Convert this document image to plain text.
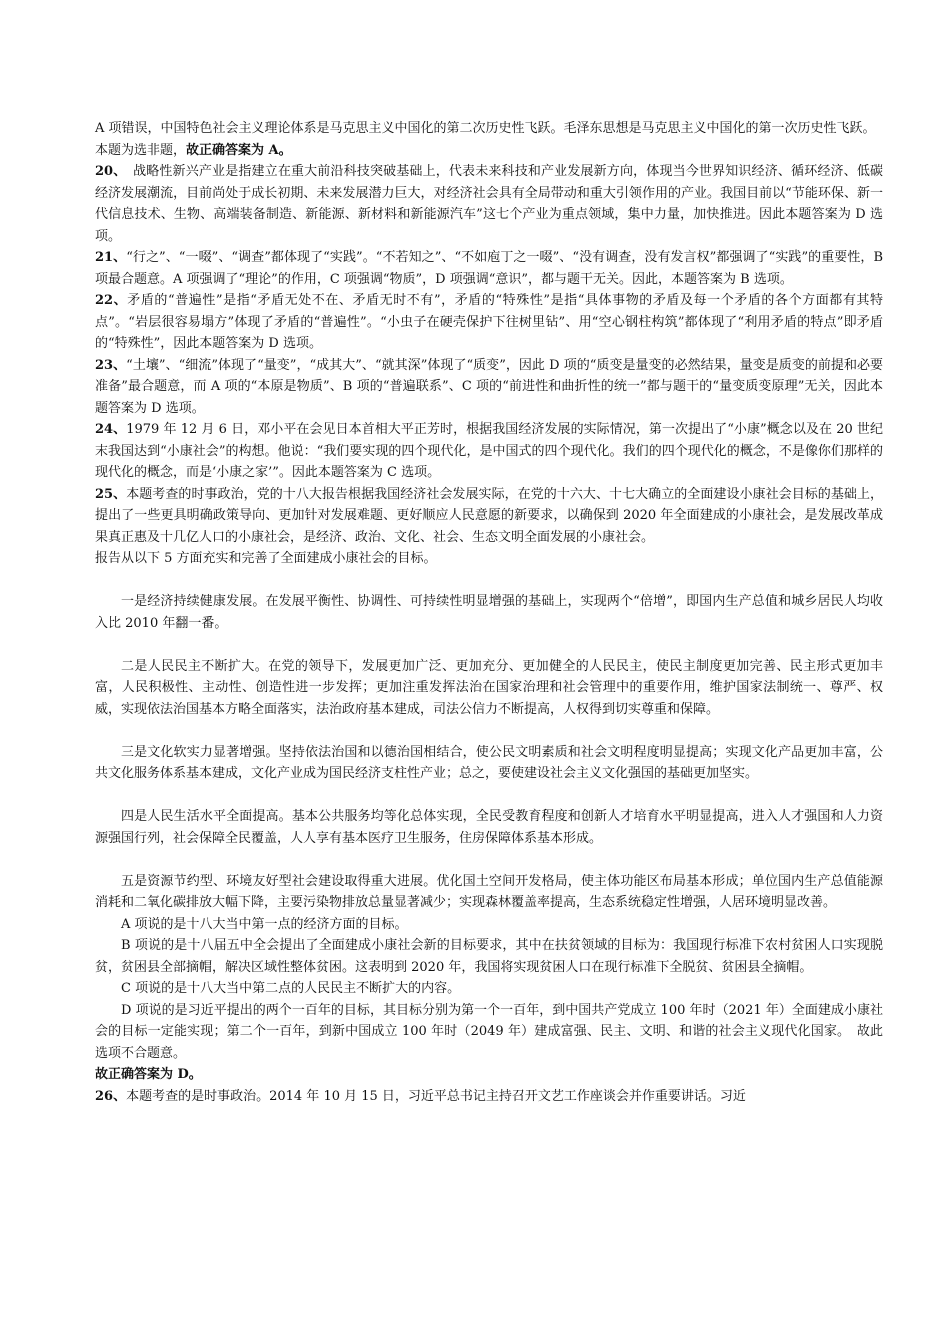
A 项错误，中国特色社会主义理论体系是马克思主义中国化的第二次历史性飞跃。毛泽东思想是马克思主义中国化的第一次历史性飞跃。

本题为选非题，故正确答案为 A。

20、　战略性新兴产业是指建立在重大前沿科技突破基础上，代表未来科技和产业发展新方向，体现当今世界知识经济、循环经济、低碳经济发展潮流，目前尚处于成长初期、未来发展潜力巨大，对经济社会具有全局带动和重大引领作用的产业。我国目前以“节能环保、新一代信息技术、生物、高端装备制造、新能源、新材料和新能源汽车”这七个产业为重点领域，集中力量，加快推进。因此本题答案为 D 选项。

21、“行之”、“一啜”、“调查”都体现了“实践”。“不若知之”、“不如庖丁之一啜”、“没有调查，没有发言权”都强调了“实践”的重要性，B 项最合题意。A 项强调了“理论”的作用，C 项强调“物质”，D 项强调“意识”，都与题干无关。因此，本题答案为 B 选项。

22、矛盾的“普遍性”是指“矛盾无处不在、矛盾无时不有”，矛盾的“特殊性”是指“具体事物的矛盾及每一个矛盾的各个方面都有其特点”。“岩层很容易塌方”体现了矛盾的“普遍性”。“小虫子在硬壳保护下往树里钻”、用“空心钢柱构筑”都体现了“利用矛盾的特点”即矛盾的“特殊性”，因此本题答案为 D 选项。

23、“土壤”、“细流”体现了“量变”，“成其大”、“就其深”体现了“质变”，因此 D 项的“质变是量变的必然结果，量变是质变的前提和必要准备”最合题意，而 A 项的“本原是物质”、B 项的“普遍联系”、C 项的“前进性和曲折性的统一”都与题干的“量变质变原理”无关，因此本题答案为 D 选项。

24、1979 年 12 月 6 日，邓小平在会见日本首相大平正芳时，根据我国经济发展的实际情况，第一次提出了“小康”概念以及在 20 世纪末我国达到“小康社会”的构想。他说：“我们要实现的四个现代化，是中国式的四个现代化。我们的四个现代化的概念，不是像你们那样的现代化的概念，而是‘小康之家’”。因此本题答案为 C 选项。

25、本题考查的时事政治，党的十八大报告根据我国经济社会发展实际，在党的十六大、十七大确立的全面建设小康社会目标的基础上，提出了一些更具明确政策导向、更加针对发展难题、更好顺应人民意愿的新要求，以确保到 2020 年全面建成的小康社会，是发展改革成果真正惠及十几亿人口的小康社会，是经济、政治、文化、社会、生态文明全面发展的小康社会。

报告从以下 5 方面充实和完善了全面建成小康社会的目标。

一是经济持续健康发展。在发展平衡性、协调性、可持续性明显增强的基础上，实现两个“倍增”，即国内生产总值和城乡居民人均收入比 2010 年翻一番。

二是人民民主不断扩大。在党的领导下，发展更加广泛、更加充分、更加健全的人民民主，使民主制度更加完善、民主形式更加丰富，人民积极性、主动性、创造性进一步发挥；更加注重发挥法治在国家治理和社会管理中的重要作用，维护国家法制统一、尊严、权威，实现依法治国基本方略全面落实，法治政府基本建成，司法公信力不断提高，人权得到切实尊重和保障。

三是文化软实力显著增强。坚持依法治国和以德治国相结合，使公民文明素质和社会文明程度明显提高；实现文化产品更加丰富，公共文化服务体系基本建成，文化产业成为国民经济支柱性产业；总之，要使建设社会主义文化强国的基础更加坚实。

四是人民生活水平全面提高。基本公共服务均等化总体实现，全民受教育程度和创新人才培育水平明显提高，进入人才强国和人力资源强国行列，社会保障全民覆盖，人人享有基本医疗卫生服务，住房保障体系基本形成。

五是资源节约型、环境友好型社会建设取得重大进展。优化国土空间开发格局，使主体功能区布局基本形成；单位国内生产总值能源消耗和二氧化碳排放大幅下降，主要污染物排放总量显著减少；实现森林覆盖率提高，生态系统稳定性增强，人居环境明显改善。

A 项说的是十八大当中第一点的经济方面的目标。

B 项说的是十八届五中全会提出了全面建成小康社会新的目标要求，其中在扶贫领域的目标为：我国现行标准下农村贫困人口实现脱贫，贫困县全部摘帽，解决区域性整体贫困。这表明到 2020 年，我国将实现贫困人口在现行标准下全脱贫、贫困县全摘帽。

C 项说的是十八大当中第二点的人民民主不断扩大的内容。

D 项说的是习近平提出的两个一百年的目标，其目标分别为第一个一百年，到中国共产党成立 100 年时（2021 年）全面建成小康社会的目标一定能实现；第二个一百年，到新中国成立 100 年时（2049 年）建成富强、民主、文明、和谐的社会主义现代化国家。　故此选项不合题意。

故正确答案为 D。

26、本题考查的是时事政治。2014 年 10 月 15 日，习近平总书记主持召开文艺工作座谈会并作重要讲话。习近
